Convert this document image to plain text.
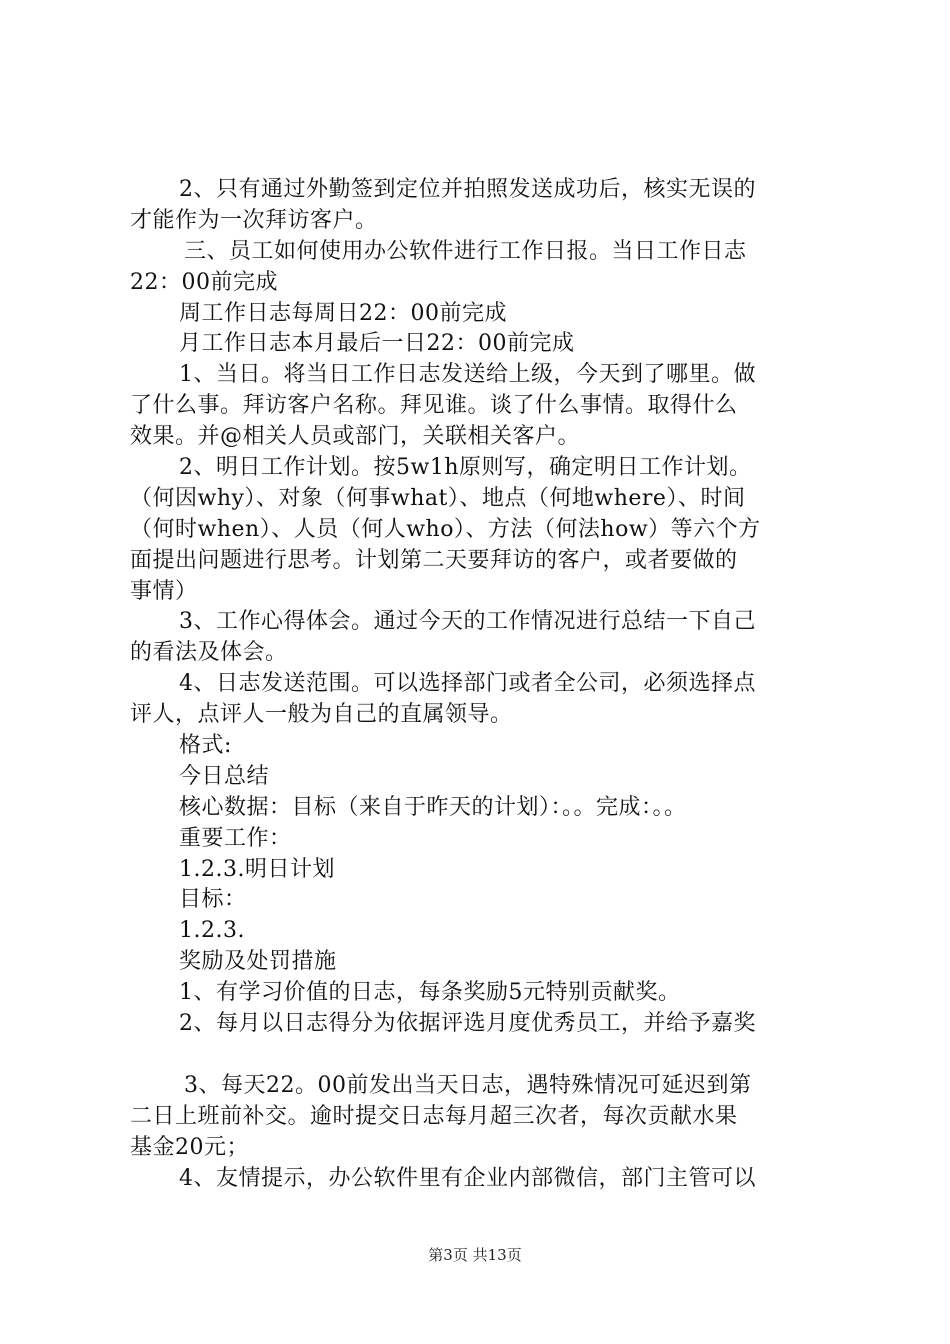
2、只有通过外勤签到定位并拍照发送成功后，核实无误的
才能作为一次拜访客户。
三、员工如何使用办公软件进行工作日报。当日工作日志
22：00前完成
周工作日志每周日22：00前完成
月工作日志本月最后一日22：00前完成
1、当日。将当日工作日志发送给上级，今天到了哪里。做
了什么事。拜访客户名称。拜见谁。谈了什么事情。取得什么
效果。并@相关人员或部门，关联相关客户。
2、明日工作计划。按5w1h原则写，确定明日工作计划。
（何因why）、对象（何事what）、地点（何地where）、时间
（何时when）、人员（何人who）、方法（何法how）等六个方
面提出问题进行思考。计划第二天要拜访的客户，或者要做的
事情）
3、工作心得体会。通过今天的工作情况进行总结一下自己
的看法及体会。
4、日志发送范围。可以选择部门或者全公司，必须选择点
评人，点评人一般为自己的直属领导。
格式:
今日总结
核心数据：目标（来自于昨天的计划）：。。完成：。。
重要工作：
1.2.3.明日计划
目标：
1.2.3.
奖励及处罚措施
1、有学习价值的日志，每条奖励5元特别贡献奖。
2、每月以日志得分为依据评选月度优秀员工，并给予嘉奖
3、每天22。00前发出当天日志，遇特殊情况可延迟到第
二日上班前补交。逾时提交日志每月超三次者，每次贡献水果
基金20元；
4、友情提示，办公软件里有企业内部微信，部门主管可以
第3页 共13页
